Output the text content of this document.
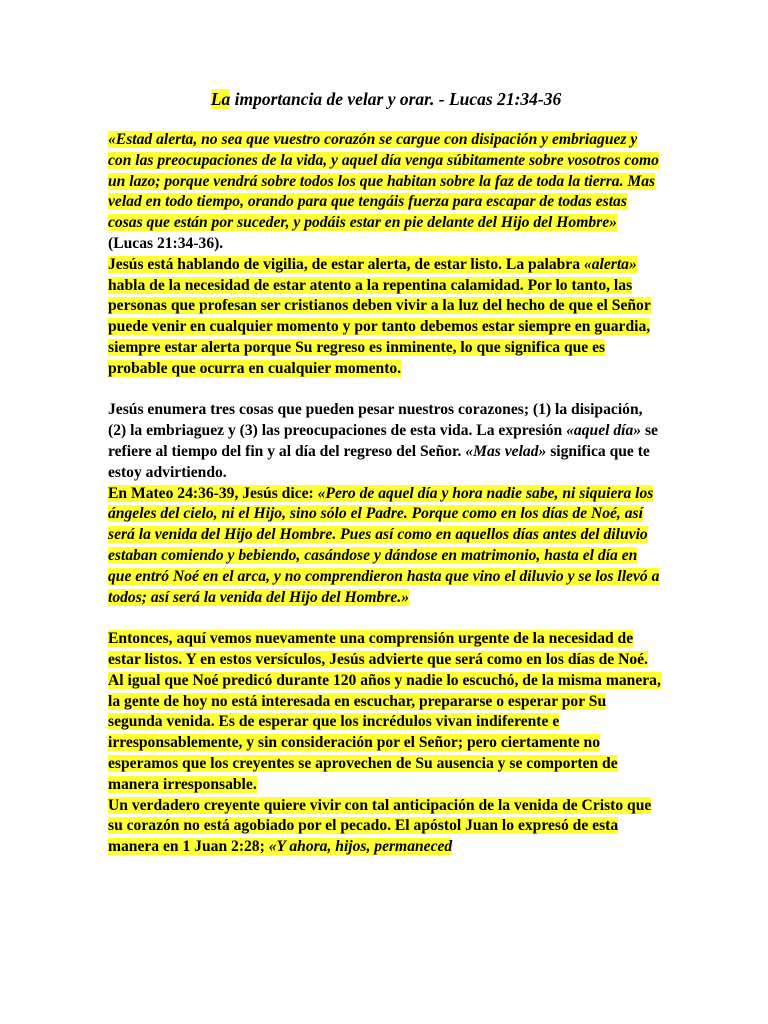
La importancia de velar y orar. - Lucas 21:34-36

«Estad alerta, no sea que vuestro corazón se cargue con disipación y embriaguez y con las preocupaciones de la vida, y aquel día venga súbitamente sobre vosotros como un lazo; porque vendrá sobre todos los que habitan sobre la faz de toda la tierra. Mas velad en todo tiempo, orando para que tengáis fuerza para escapar de todas estas cosas que están por suceder, y podáis estar en pie delante del Hijo del Hombre» (Lucas 21:34-36).

Jesús está hablando de vigilia, de estar alerta, de estar listo. La palabra «alerta» habla de la necesidad de estar atento a la repentina calamidad. Por lo tanto, las personas que profesan ser cristianos deben vivir a la luz del hecho de que el Señor puede venir en cualquier momento y por tanto debemos estar siempre en guardia, siempre estar alerta porque Su regreso es inminente, lo que significa que es probable que ocurra en cualquier momento.

Jesús enumera tres cosas que pueden pesar nuestros corazones; (1) la disipación, (2) la embriaguez y (3) las preocupaciones de esta vida. La expresión «aquel día» se refiere al tiempo del fin y al día del regreso del Señor. «Mas velad» significa que te estoy advirtiendo.

En Mateo 24:36-39, Jesús dice: «Pero de aquel día y hora nadie sabe, ni siquiera los ángeles del cielo, ni el Hijo, sino sólo el Padre. Porque como en los días de Noé, así será la venida del Hijo del Hombre. Pues así como en aquellos días antes del diluvio estaban comiendo y bebiendo, casándose y dándose en matrimonio, hasta el día en que entró Noé en el arca, y no comprendieron hasta que vino el diluvio y se los llevó a todos; así será la venida del Hijo del Hombre.»

Entonces, aquí vemos nuevamente una comprensión urgente de la necesidad de estar listos. Y en estos versículos, Jesús advierte que será como en los días de Noé. Al igual que Noé predicó durante 120 años y nadie lo escuchó, de la misma manera, la gente de hoy no está interesada en escuchar, prepararse o esperar por Su segunda venida. Es de esperar que los incrédulos vivan indiferente e irresponsablemente, y sin consideración por el Señor; pero ciertamente no esperamos que los creyentes se aprovechen de Su ausencia y se comporten de manera irresponsable.

Un verdadero creyente quiere vivir con tal anticipación de la venida de Cristo que su corazón no está agobiado por el pecado. El apóstol Juan lo expresó de esta manera en 1 Juan 2:28; «Y ahora, hijos, permaneced
